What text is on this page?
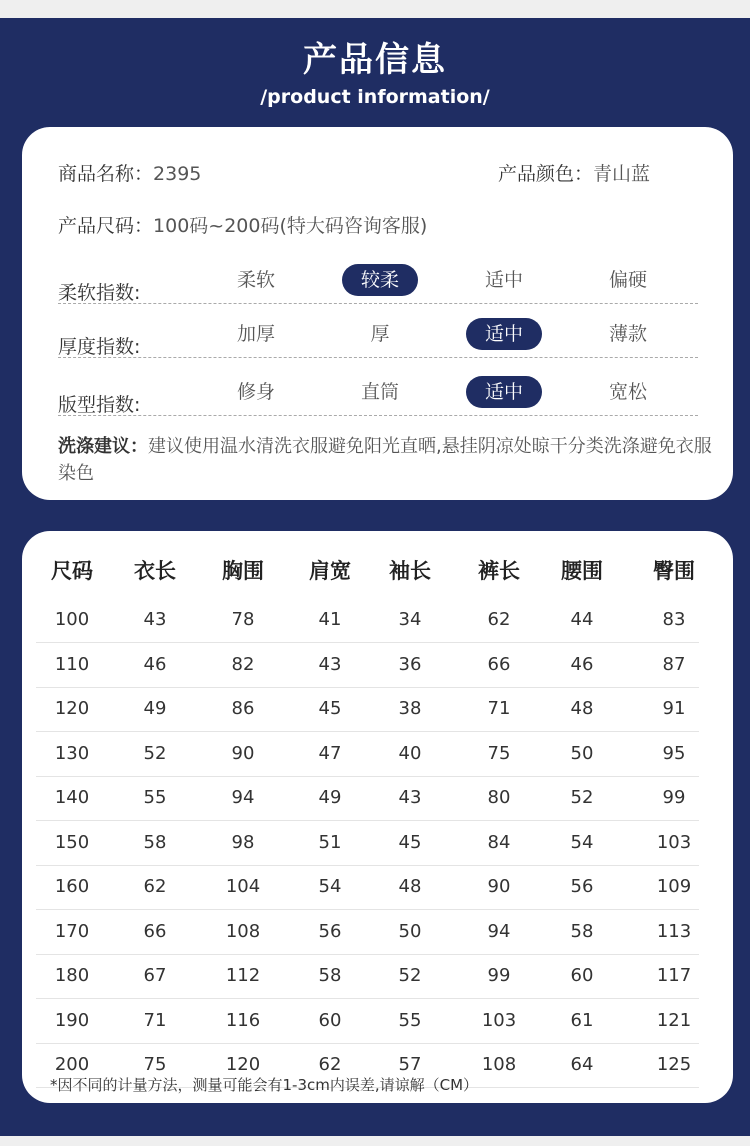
产品信息
/product information/
商品名称：2395	产品颜色：青山蓝
产品尺码：100码~200码(特大码咨询客服)
柔软指数:
柔软	较柔	适中	偏硬
厚度指数:
加厚	厚	适中	薄款
版型指数:
修身	直筒	适中	宽松
洗涤建议：建议使用温水清洗衣服避免阳光直晒,悬挂阴凉处晾干分类洗涤避免衣服染色
尺码	衣长	胸围	肩宽	袖长	裤长	腰围	臀围
100	43	78	41	34	62	44	83
110	46	82	43	36	66	46	87
120	49	86	45	38	71	48	91
130	52	90	47	40	75	50	95
140	55	94	49	43	80	52	99
150	58	98	51	45	84	54	103
160	62	104	54	48	90	56	109
170	66	108	56	50	94	58	113
180	67	112	58	52	99	60	117
190	71	116	60	55	103	61	121
200	75	120	62	57	108	64	125
*因不同的计量方法，测量可能会有1-3cm内误差,请谅解（CM）
